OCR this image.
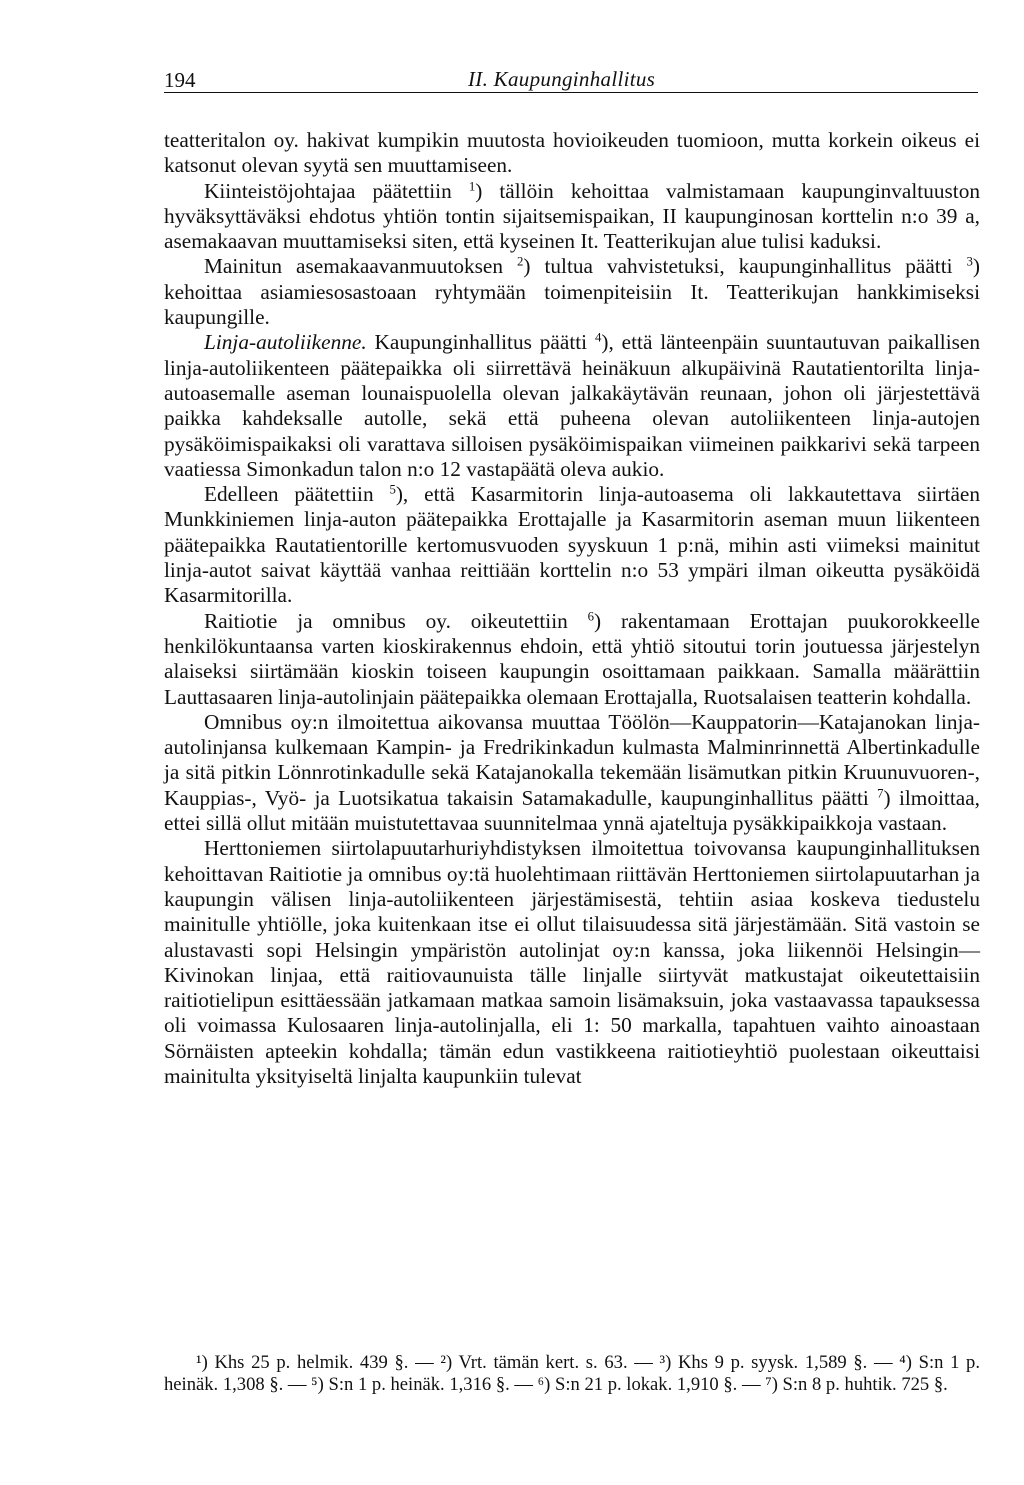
194	II. Kaupunginhallitus

teatteritalon oy. hakivat kumpikin muutosta hovioikeuden tuomioon, mutta korkein oikeus ei katsonut olevan syytä sen muuttamiseen.

Kiinteistöjohtajaa päätettiin $^1$) tällöin kehoittaa valmistamaan kaupunginvaltuuston hyväksyttäväksi ehdotus yhtiön tontin sijaitsemispaikan, II kaupunginosan korttelin n:o 39 a, asemakaavan muuttamiseksi siten, että kyseinen It. Teatterikujan alue tulisi kaduksi.

Mainitun asemakaavanmuutoksen $^2$) tultua vahvistetuksi, kaupunginhallitus päätti $^3$) kehoittaa asiamiesosastoaan ryhtymään toimenpiteisiin It. Teatterikujan hankkimiseksi kaupungille.

Linja-autoliikenne. Kaupunginhallitus päätti $^4$), että länteenpäin suuntautuvan paikallisen linja-autoliikenteen päätepaikka oli siirrettävä heinäkuun alkupäivinä Rautatientorilta linja-autoasemalle aseman lounaispuolella olevan jalkakäytävän reunaan, johon oli järjestettävä paikka kahdeksalle autolle, sekä että puheena olevan autoliikenteen linja-autojen pysäköimispaikaksi oli varattava silloisen pysäköimispaikan viimeinen paikkarivi sekä tarpeen vaatiessa Simonkadun talon n:o 12 vastapäätä oleva aukio.

Edelleen päätettiin $^5$), että Kasarmitorin linja-autoasema oli lakkautettava siirtäen Munkkiniemen linja-auton päätepaikka Erottajalle ja Kasarmitorin aseman muun liikenteen päätepaikka Rautatientorille kertomusvuoden syyskuun 1 p:nä, mihin asti viimeksi mainitut linja-autot saivat käyttää vanhaa reittiään korttelin n:o 53 ympäri ilman oikeutta pysäköidä Kasarmitorilla.

Raitiotie ja omnibus oy. oikeutettiin $^6$) rakentamaan Erottajan puukorokkeelle henkilökuntaansa varten kioskirakennus ehdoin, että yhtiö sitoutui torin joutuessa järjestelyn alaiseksi siirtämään kioskin toiseen kaupungin osoittamaan paikkaan. Samalla määrättiin Lauttasaaren linja-autolinjain päätepaikka olemaan Erottajalla, Ruotsalaisen teatterin kohdalla.

Omnibus oy:n ilmoitettua aikovansa muuttaa Töölön—Kauppatorin—Katajanokan linja-autolinjansa kulkemaan Kampin- ja Fredrikinkadun kulmasta Malminrinnettä Albertinkadulle ja sitä pitkin Lönnrotinkadulle sekä Katajanokalla tekemään lisämutkan pitkin Kruunuvuoren-, Kauppias-, Vyö- ja Luotsikatua takaisin Satamakadulle, kaupunginhallitus päätti $^7$) ilmoittaa, ettei sillä ollut mitään muistutettavaa suunnitelmaa ynnä ajateltuja pysäkkipaikkoja vastaan.

Herttoniemen siirtolapuutarhuriyhdistyksen ilmoitettua toivovansa kaupunginhallituksen kehoittavan Raitiotie ja omnibus oy:tä huolehtimaan riittävän Herttoniemen siirtolapuutarhan ja kaupungin välisen linja-autoliikenteen järjestämisestä, tehtiin asiaa koskeva tiedustelu mainitulle yhtiölle, joka kuitenkaan itse ei ollut tilaisuudessa sitä järjestämään. Sitä vastoin se alustavasti sopi Helsingin ympäristön autolinjat oy:n kanssa, joka liikennöi Helsingin—Kivinokan linjaa, että raitiovaunuista tälle linjalle siirtyvät matkustajat oikeutettaisiin raitiotielipun esittäessään jatkamaan matkaa samoin lisämaksuin, joka vastaavassa tapauksessa oli voimassa Kulosaaren linja-autolinjalla, eli 1: 50 markalla, tapahtuen vaihto ainoastaan Sörnäisten apteekin kohdalla; tämän edun vastikkeena raitiotieyhtiö puolestaan oikeuttaisi mainitulta yksityiseltä linjalta kaupunkiin tulevat

¹) Khs 25 p. helmik. 439 §. — ²) Vrt. tämän kert. s. 63. — ³) Khs 9 p. syysk. 1,589 §. — ⁴) S:n 1 p. heinäk. 1,308 §. — ⁵) S:n 1 p. heinäk. 1,316 §. — ⁶) S:n 21 p. lokak. 1,910 §. — ⁷) S:n 8 p. huhtik. 725 §.
